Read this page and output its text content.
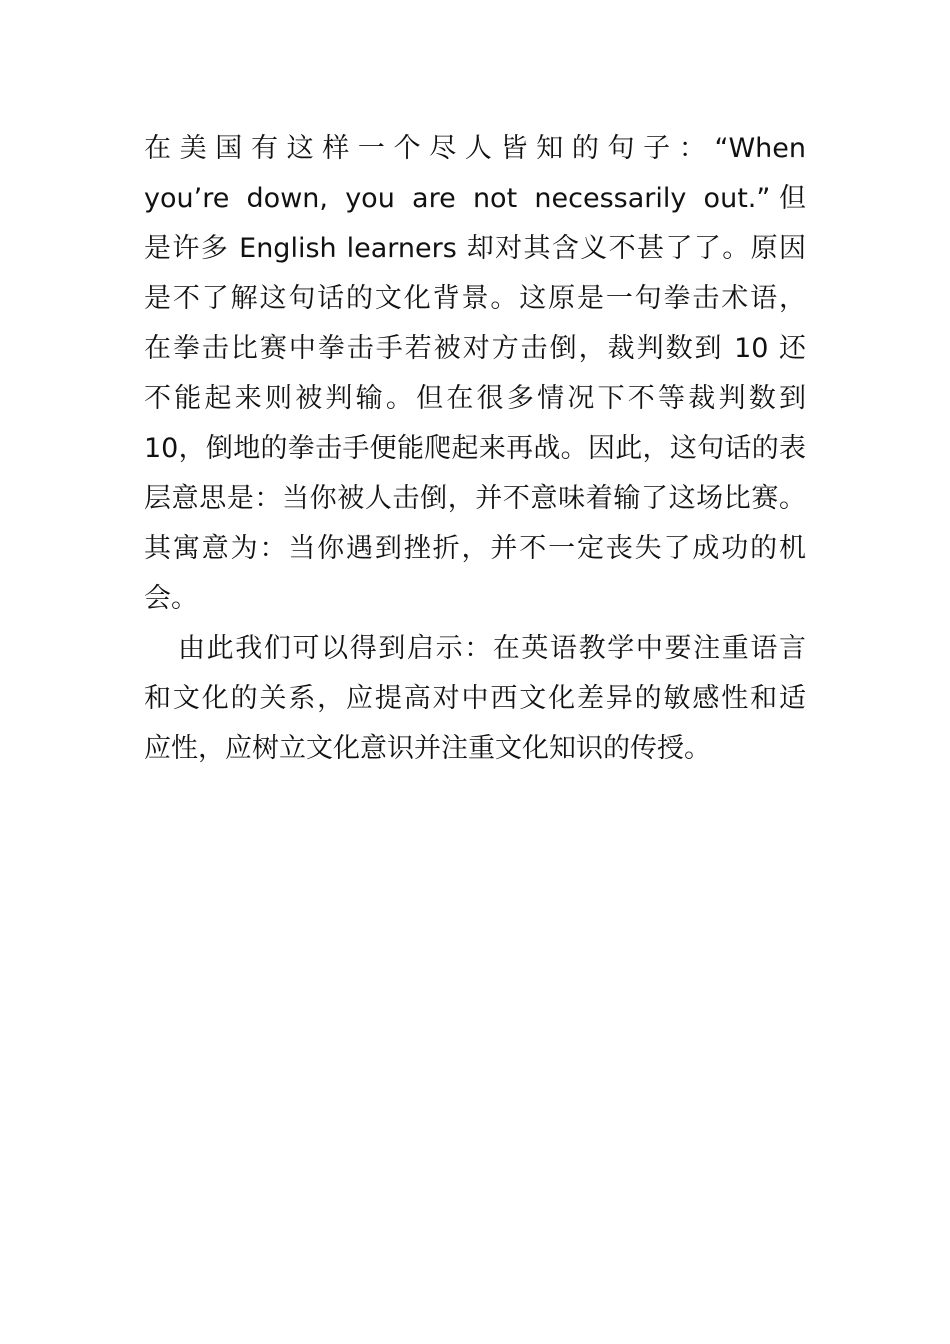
在美国有这样一个尽人皆知的句子：“When
you’re down, you are not necessarily out.”但
是许多 English learners 却对其含义不甚了了。原因
是不了解这句话的文化背景。这原是一句拳击术语，
在拳击比赛中拳击手若被对方击倒，裁判数到 10 还
不能起来则被判输。但在很多情况下不等裁判数到
10，倒地的拳击手便能爬起来再战。因此，这句话的表
层意思是：当你被人击倒，并不意味着输了这场比赛。
其寓意为：当你遇到挫折，并不一定丧失了成功的机
会。
由此我们可以得到启示：在英语教学中要注重语言
和文化的关系，应提高对中西文化差异的敏感性和适
应性，应树立文化意识并注重文化知识的传授。
